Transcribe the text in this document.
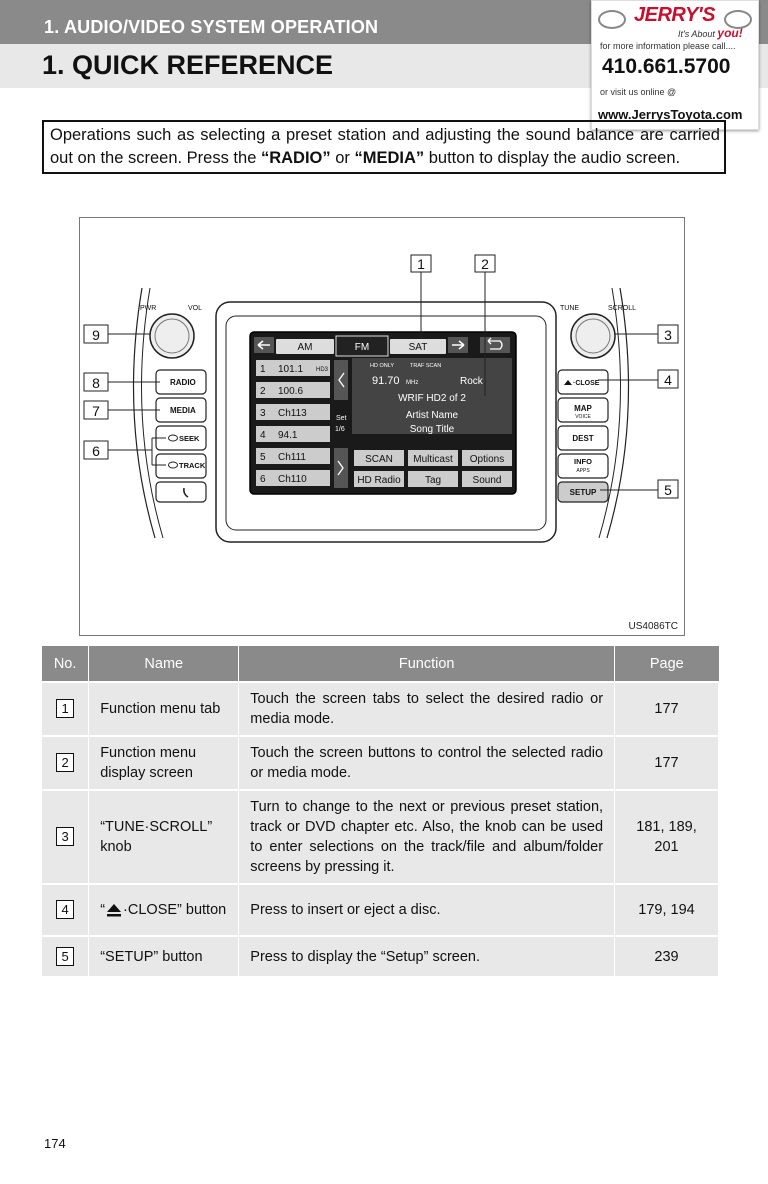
1. AUDIO/VIDEO SYSTEM OPERATION
1. QUICK REFERENCE
JERRY'S
It's About you!
for more information please call....
410.661.5700
or visit us online @
www.JerrysToyota.com
Operations such as selecting a preset station and adjusting the sound balance are carried out on the screen. Press the “RADIO” or “MEDIA” button to display the audio screen.
AM	FM	SAT
1 101.1 HD3
2 100.6
3 Ch113
4 94.1
5 Ch111
6 Ch110
Set
1/6
HD ONLY	TRAF SCAN
91.70 MHz	Rock
WRIF HD2 of 2
Artist Name
Song Title
SCAN Multicast Options
HD Radio Tag	Sound
PWR	VOL	TUNE	SCROLL
RADIO
MEDIA
SEEK
TRACK
·CLOSE
MAP
VOICE
DEST
INFO
APPS
SETUP
1	2
9
8
7
6
3
4
5
US4086TC
No.	Name	Function	Page
1	Function menu tab	Touch the screen tabs to select the desired radio or media mode.	177
2	Function menu display screen	Touch the screen buttons to control the selected radio or media mode.	177
3	“TUNE·SCROLL” knob	Turn to change to the next or previous preset station, track or DVD chapter etc. Also, the knob can be used to enter selections on the track/file and album/folder screens by pressing it.	181, 189, 201
4	“ ·CLOSE” button	Press to insert or eject a disc.	179, 194
5	“SETUP” button	Press to display the “Setup” screen.	239
174
